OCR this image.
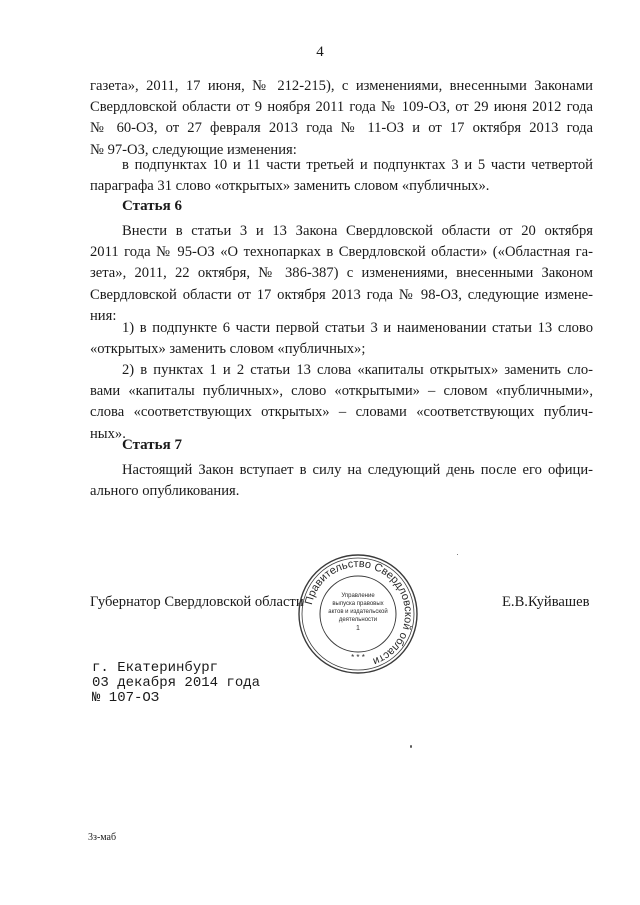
4
газета», 2011, 17 июня, № 212-215), с изменениями, внесенными Законами
Свердловской области от 9 ноября 2011 года № 109-ОЗ, от 29 июня 2012 года
№ 60-ОЗ, от 27 февраля 2013 года № 11-ОЗ и от 17 октября 2013 года
№ 97-ОЗ, следующие изменения:
в подпунктах 10 и 11 части третьей и подпунктах 3 и 5 части четвертой
параграфа 31 слово «открытых» заменить словом «публичных».
Статья 6
Внести в статьи 3 и 13 Закона Свердловской области от 20 октября
2011 года № 95-ОЗ «О технопарках в Свердловской области» («Областная га-
зета», 2011, 22 октября, № 386-387) с изменениями, внесенными Законом
Свердловской области от 17 октября 2013 года № 98-ОЗ, следующие измене-
ния:
1) в подпункте 6 части первой статьи 3 и наименовании статьи 13 слово
«открытых» заменить словом «публичных»;
2) в пунктах 1 и 2 статьи 13 слова «капиталы открытых» заменить сло-
вами «капиталы публичных», слово «открытыми» – словом «публичными»,
слова «соответствующих открытых» – словами «соответствующих публич-
ных».
Статья 7
Настоящий Закон вступает в силу на следующий день после его офици-
ального опубликования.
Губернатор Свердловской области	Е.В.Куйвашев
Правительство Свердловской области
Управление
выпуска правовых
актов и издательской
деятельности
1
* * *
г. Екатеринбург
03 декабря 2014 года
№ 107-ОЗ
3з-маб
